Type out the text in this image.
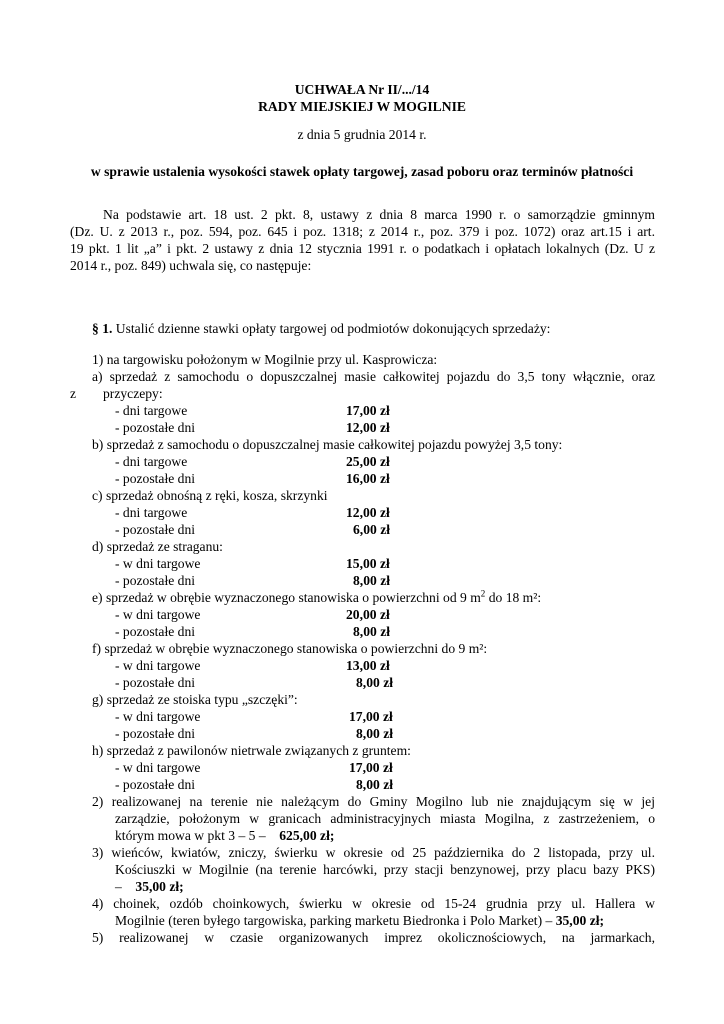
UCHWAŁA Nr II/.../14
RADY MIEJSKIEJ W MOGILNIE
z dnia 5 grudnia 2014 r.
w sprawie ustalenia wysokości stawek opłaty targowej, zasad poboru oraz terminów płatności
Na podstawie art. 18 ust. 2 pkt. 8, ustawy z dnia 8 marca 1990 r. o samorządzie gminnym
(Dz. U. z 2013 r., poz. 594, poz. 645 i poz. 1318; z 2014 r., poz. 379 i poz. 1072) oraz art.15 i art.
19 pkt. 1 lit „a” i pkt. 2 ustawy z dnia 12 stycznia 1991 r. o podatkach i opłatach lokalnych (Dz. U z
2014 r., poz. 849) uchwala się, co następuje:
§ 1. Ustalić dzienne stawki opłaty targowej od podmiotów dokonujących sprzedaży:
1) na targowisku położonym w Mogilnie przy ul. Kasprowicza:
a) sprzedaż z samochodu o dopuszczalnej masie całkowitej pojazdu do 3,5 tony włącznie, oraz
z przyczepy:
- dni targowe	17,00 zł
- pozostałe dni	12,00 zł
b) sprzedaż z samochodu o dopuszczalnej masie całkowitej pojazdu powyżej 3,5 tony:
- dni targowe	25,00 zł
- pozostałe dni	16,00 zł
c) sprzedaż obnośną z ręki, kosza, skrzynki
- dni targowe	12,00 zł
- pozostałe dni	6,00 zł
d) sprzedaż ze straganu:
- w dni targowe	15,00 zł
- pozostałe dni	8,00 zł
e) sprzedaż w obrębie wyznaczonego stanowiska o powierzchni od 9 $m^2$ do 18 m²:
- w dni targowe	20,00 zł
- pozostałe dni	8,00 zł
f) sprzedaż w obrębie wyznaczonego stanowiska o powierzchni do 9 m²:
- w dni targowe	13,00 zł
- pozostałe dni	8,00 zł
g) sprzedaż ze stoiska typu „szczęki”:
- w dni targowe	17,00 zł
- pozostałe dni	8,00 zł
h) sprzedaż z pawilonów nietrwale związanych z gruntem:
- w dni targowe	17,00 zł
- pozostałe dni	8,00 zł
2) realizowanej na terenie nie należącym do Gminy Mogilno lub nie znajdującym się w jej
zarządzie, położonym w granicach administracyjnych miasta Mogilna, z zastrzeżeniem, o
którym mowa w pkt 3 – 5 – 625,00 zł;
3) wieńców, kwiatów, zniczy, świerku w okresie od 25 października do 2 listopada, przy ul.
Kościuszki w Mogilnie (na terenie harcówki, przy stacji benzynowej, przy placu bazy PKS)
– 35,00 zł;
4) choinek, ozdób choinkowych, świerku w okresie od 15-24 grudnia przy ul. Hallera w
Mogilnie (teren byłego targowiska, parking marketu Biedronka i Polo Market) – 35,00 zł;
5) realizowanej w czasie organizowanych imprez okolicznościowych, na jarmarkach,
